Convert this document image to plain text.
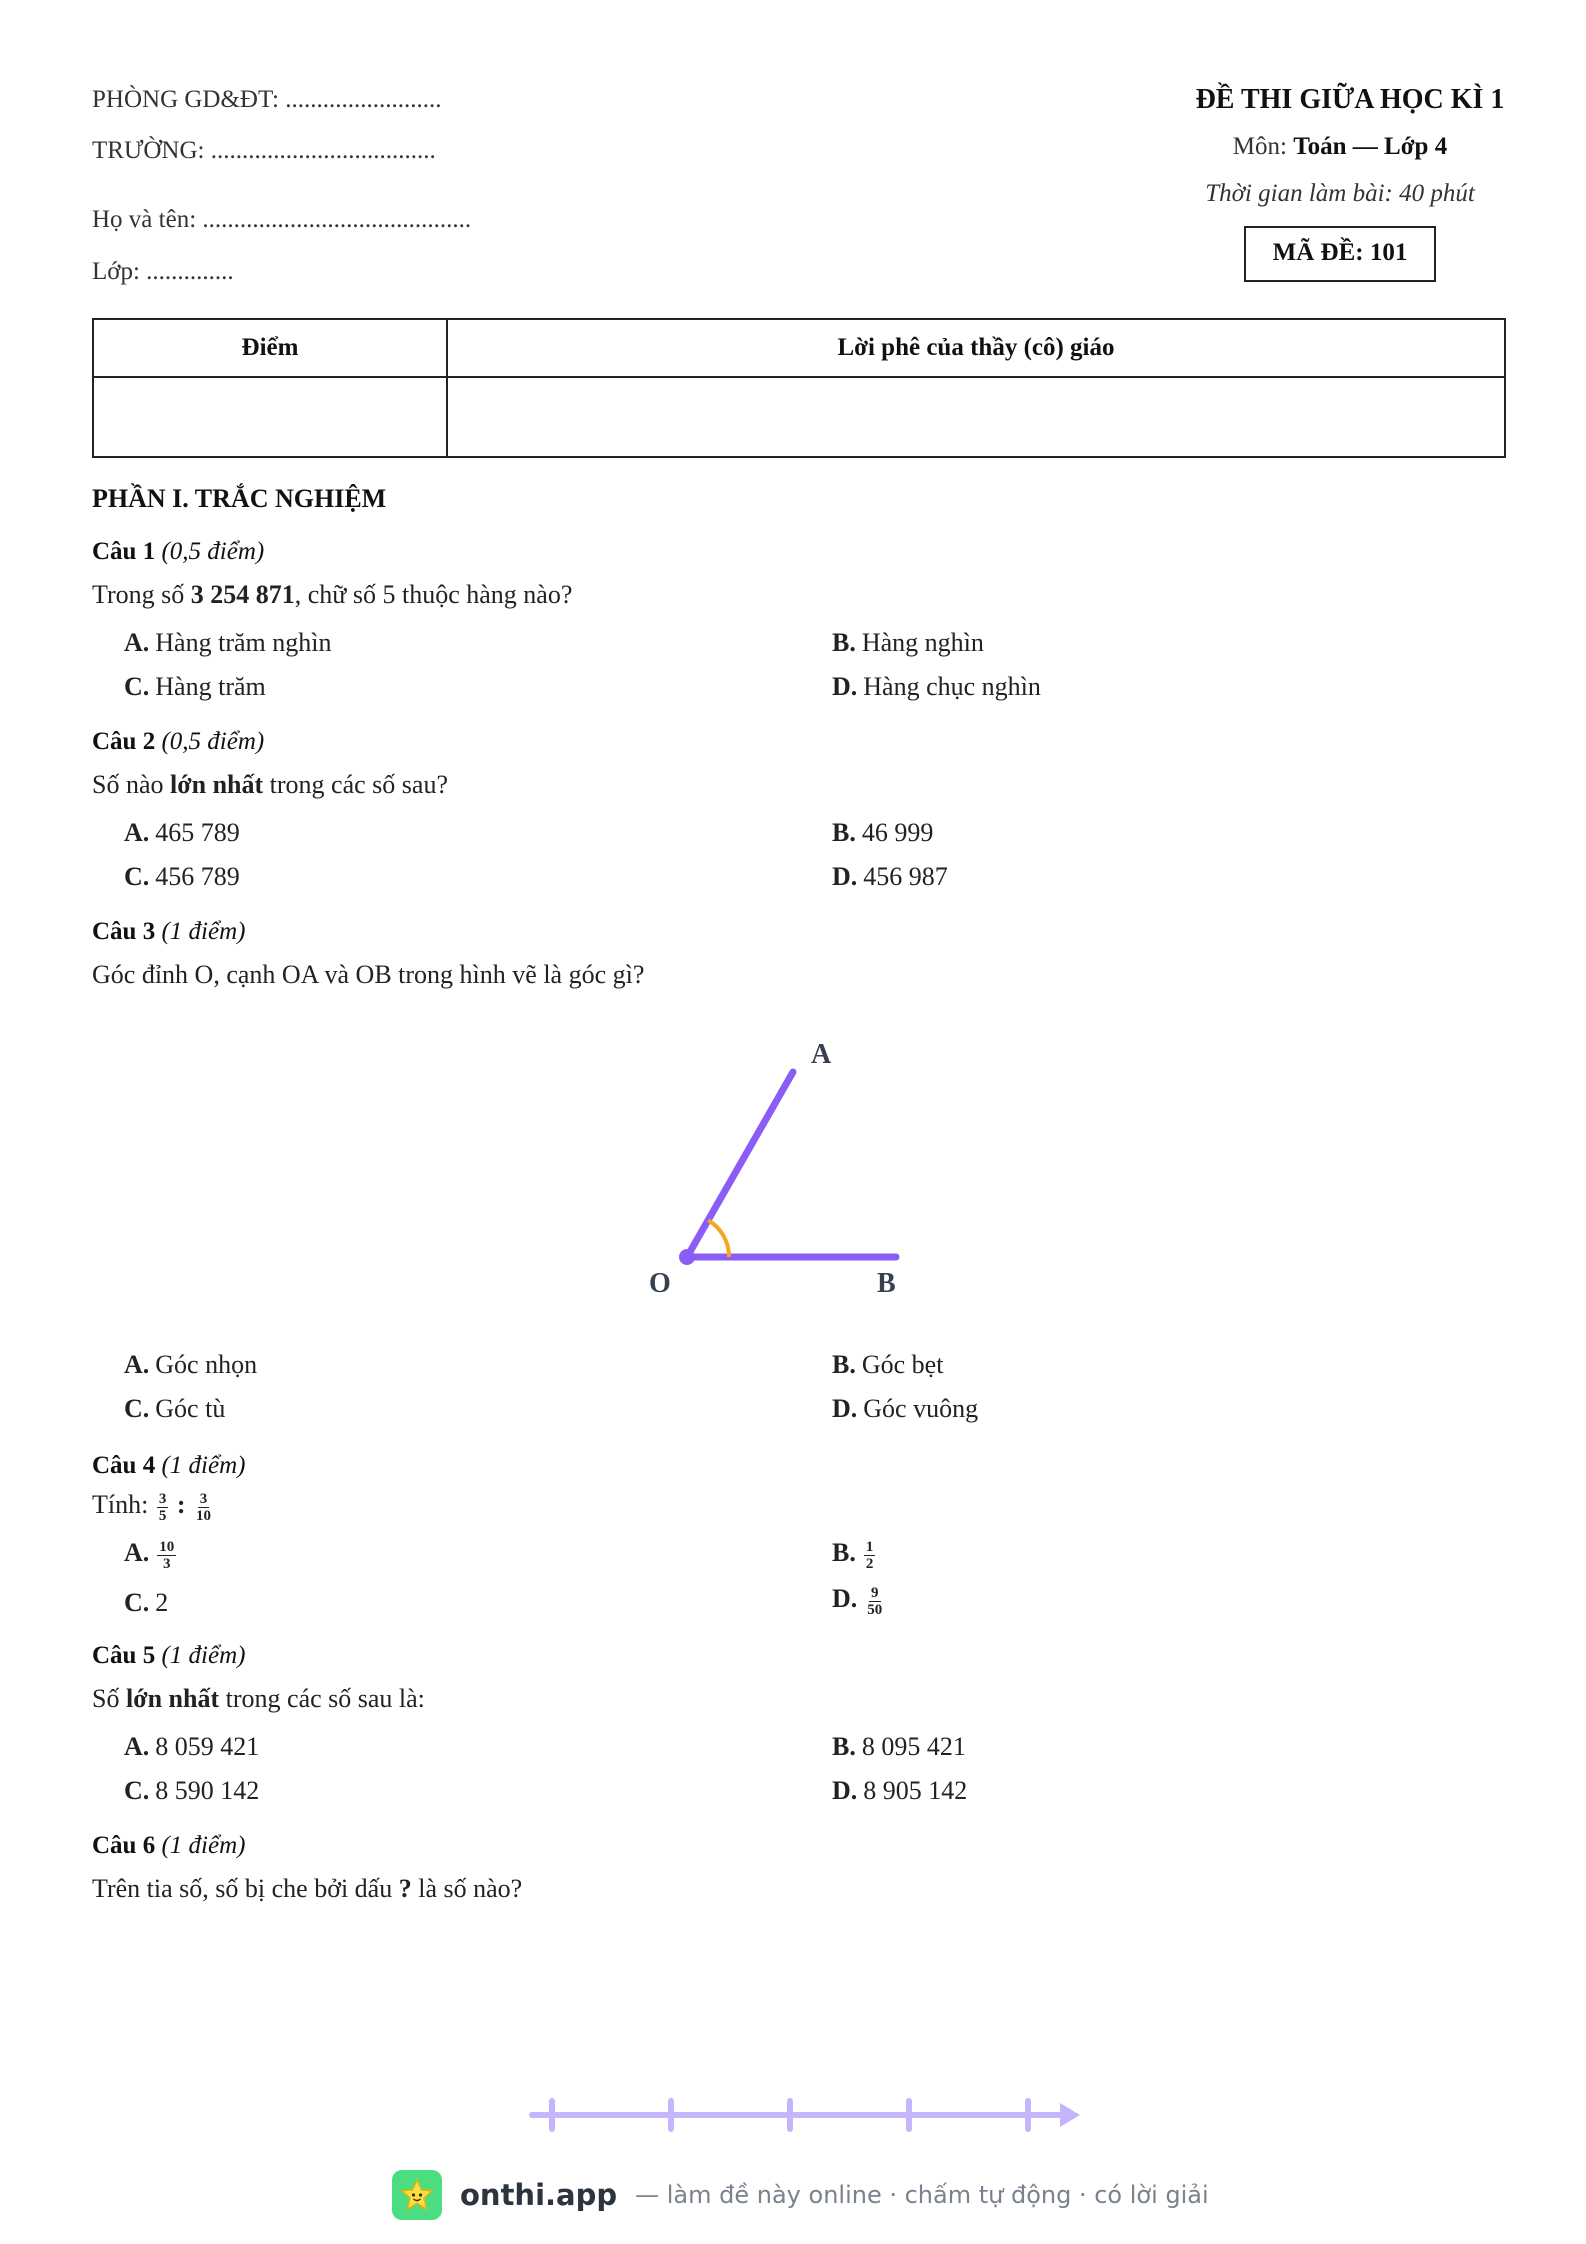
PHÒNG GD&ĐT: .........................
TRƯỜNG: ....................................
Họ và tên: ...........................................
Lớp: ..............
ĐỀ THI GIỮA HỌC KÌ 1
Môn: Toán — Lớp 4
Thời gian làm bài: 40 phút
MÃ ĐỀ: 101
Điểm	Lời phê của thầy (cô) giáo

PHẦN I. TRẮC NGHIỆM
Câu 1 (0,5 điểm)
Trong số 3 254 871, chữ số 5 thuộc hàng nào?
A. Hàng trăm nghìn	B. Hàng nghìn
C. Hàng trăm	D. Hàng chục nghìn
Câu 2 (0,5 điểm)
Số nào lớn nhất trong các số sau?
A. 465 789	B. 46 999
C. 456 789	D. 456 987
Câu 3 (1 điểm)
Góc đỉnh O, cạnh OA và OB trong hình vẽ là góc gì?
A
O	B
A. Góc nhọn	B. Góc bẹt
C. Góc tù	D. Góc vuông
Câu 4 (1 điểm)
Tính: $\frac{3}{5}$ : $\frac{3}{10}$
A. $\frac{10}{3}$	B. $\frac{1}{2}$
C. 2	D. $\frac{9}{50}$
Câu 5 (1 điểm)
Số lớn nhất trong các số sau là:
A. 8 059 421	B. 8 095 421
C. 8 590 142	D. 8 905 142
Câu 6 (1 điểm)
Trên tia số, số bị che bởi dấu ? là số nào?
onthi.app — làm đề này online · chấm tự động · có lời giải
